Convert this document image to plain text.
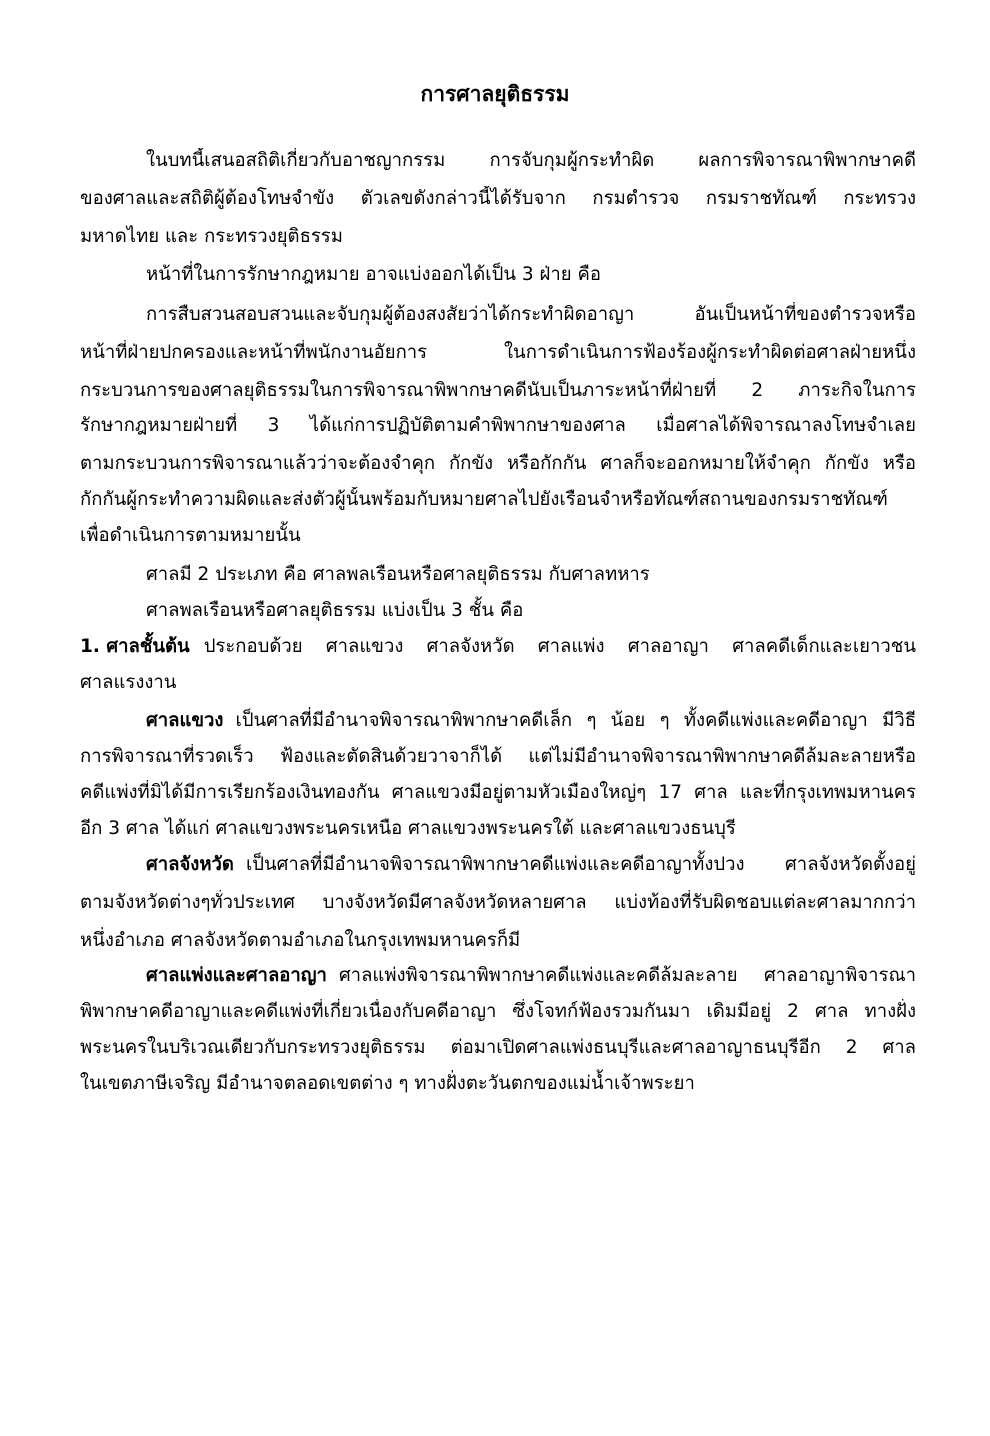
การศาลยุติธรรม
ในบทนี้เสนอสถิติเกี่ยวกับอาชญากรรม การจับกุมผู้กระทำผิด ผลการพิจารณาพิพากษาคดี
ของศาลและสถิติผู้ต้องโทษจำขัง ตัวเลขดังกล่าวนี้ได้รับจาก กรมตำรวจ กรมราชทัณฑ์ กระทรวง
มหาดไทย และ กระทรวงยุติธรรม
หน้าที่ในการรักษากฎหมาย อาจแบ่งออกได้เป็น 3 ฝ่าย คือ
การสืบสวนสอบสวนและจับกุมผู้ต้องสงสัยว่าได้กระทำผิดอาญา อันเป็นหน้าที่ของตำรวจหรือ
หน้าที่ฝ่ายปกครองและหน้าที่พนักงานอัยการ ในการดำเนินการฟ้องร้องผู้กระทำผิดต่อศาลฝ่ายหนึ่ง
กระบวนการของศาลยุติธรรมในการพิจารณาพิพากษาคดีนับเป็นภาระหน้าที่ฝ่ายที่ 2 ภาระกิจในการ
รักษากฎหมายฝ่ายที่ 3 ได้แก่การปฏิบัติตามคำพิพากษาของศาล เมื่อศาลได้พิจารณาลงโทษจำเลย
ตามกระบวนการพิจารณาแล้วว่าจะต้องจำคุก กักขัง หรือกักกัน ศาลก็จะออกหมายให้จำคุก กักขัง หรือ
กักกันผู้กระทำความผิดและส่งตัวผู้นั้นพร้อมกับหมายศาลไปยังเรือนจำหรือทัณฑ์สถานของกรมราชทัณฑ์
เพื่อดำเนินการตามหมายนั้น
ศาลมี 2 ประเภท คือ ศาลพลเรือนหรือศาลยุติธรรม กับศาลทหาร
ศาลพลเรือนหรือศาลยุติธรรม แบ่งเป็น 3 ชั้น คือ
1. ศาลชั้นต้น ประกอบด้วย ศาลแขวง ศาลจังหวัด ศาลแพ่ง ศาลอาญา ศาลคดีเด็กและเยาวชน
ศาลแรงงาน
ศาลแขวง เป็นศาลที่มีอำนาจพิจารณาพิพากษาคดีเล็ก ๆ น้อย ๆ ทั้งคดีแพ่งและคดีอาญา มีวิธี
การพิจารณาที่รวดเร็ว ฟ้องและตัดสินด้วยวาจาก็ได้ แต่ไม่มีอำนาจพิจารณาพิพากษาคดีล้มละลายหรือ
คดีแพ่งที่มิได้มีการเรียกร้องเงินทองกัน ศาลแขวงมีอยู่ตามหัวเมืองใหญ่ๆ 17 ศาล และที่กรุงเทพมหานคร
อีก 3 ศาล ได้แก่ ศาลแขวงพระนครเหนือ ศาลแขวงพระนครใต้ และศาลแขวงธนบุรี
ศาลจังหวัด เป็นศาลที่มีอำนาจพิจารณาพิพากษาคดีแพ่งและคดีอาญาทั้งปวง ศาลจังหวัดตั้งอยู่
ตามจังหวัดต่างๆทั่วประเทศ บางจังหวัดมีศาลจังหวัดหลายศาล แบ่งท้องที่รับผิดชอบแต่ละศาลมากกว่า
หนึ่งอำเภอ ศาลจังหวัดตามอำเภอในกรุงเทพมหานครก็มี
ศาลแพ่งและศาลอาญา ศาลแพ่งพิจารณาพิพากษาคดีแพ่งและคดีล้มละลาย ศาลอาญาพิจารณา
พิพากษาคดีอาญาและคดีแพ่งที่เกี่ยวเนื่องกับคดีอาญา ซึ่งโจทก์ฟ้องรวมกันมา เดิมมีอยู่ 2 ศาล ทางฝั่ง
พระนครในบริเวณเดียวกับกระทรวงยุติธรรม ต่อมาเปิดศาลแพ่งธนบุรีและศาลอาญาธนบุรีอีก 2 ศาล
ในเขตภาษีเจริญ มีอำนาจตลอดเขตต่าง ๆ ทางฝั่งตะวันตกของแม่น้ำเจ้าพระยา
